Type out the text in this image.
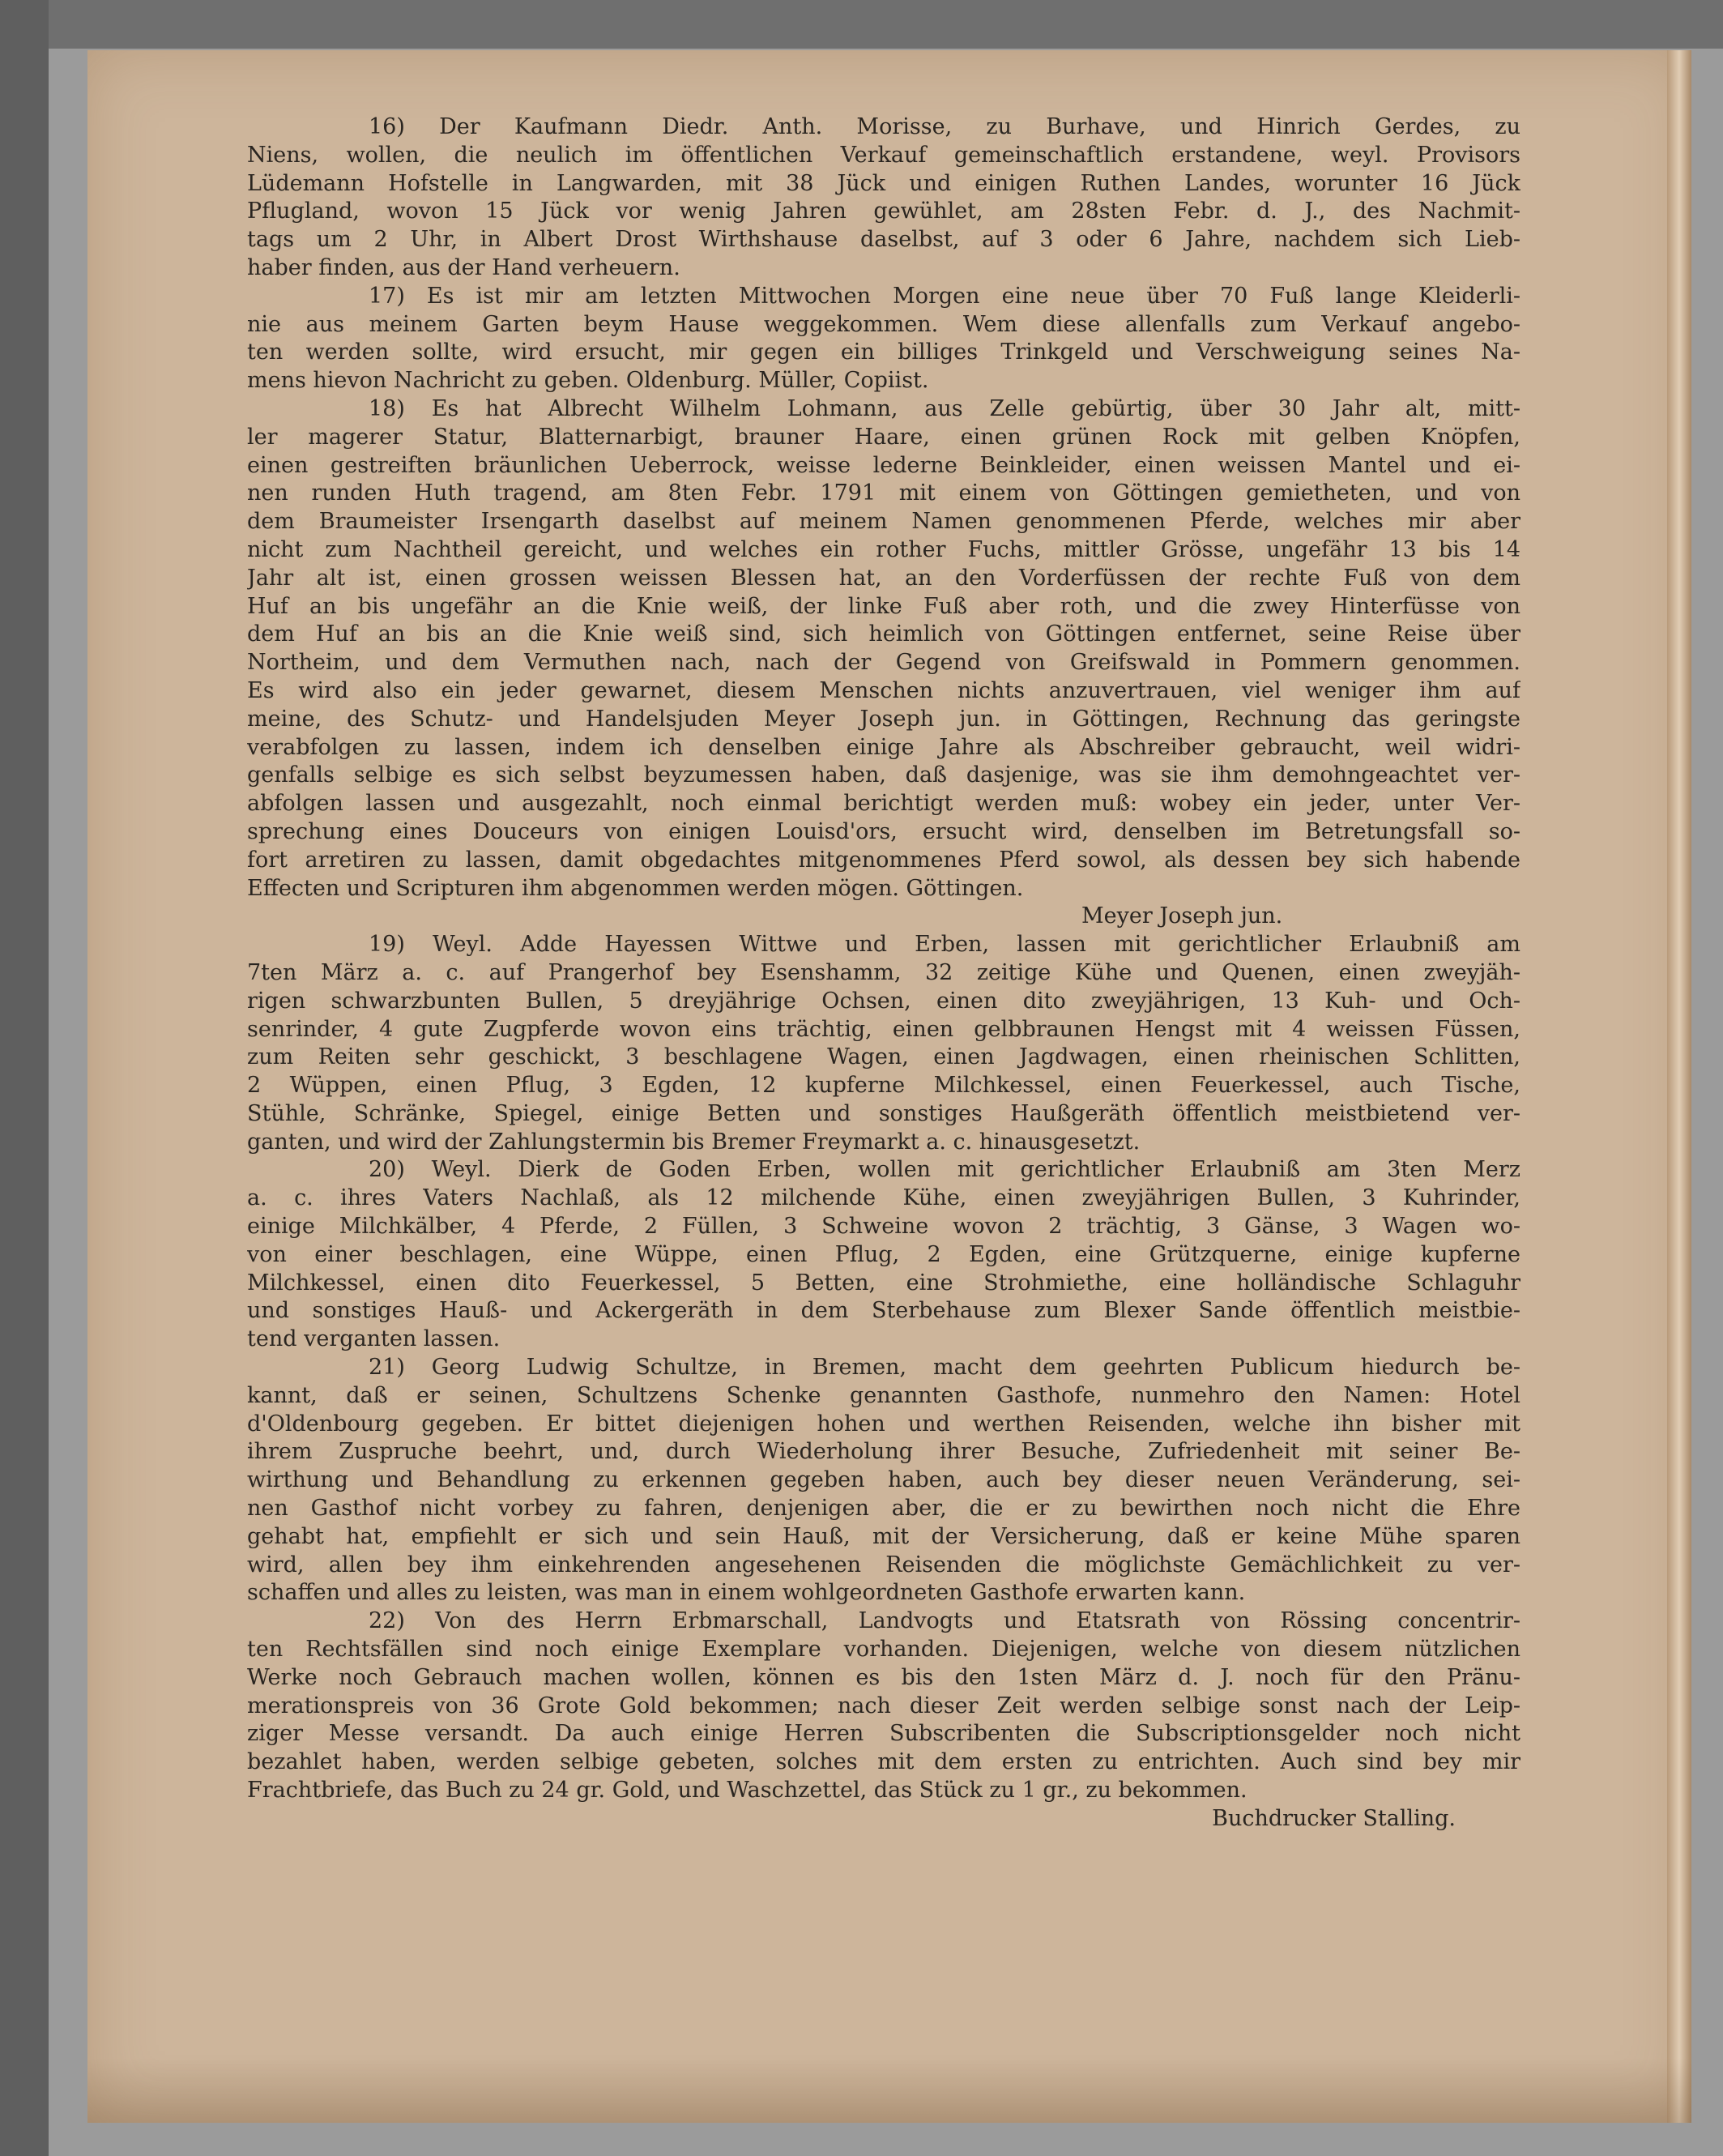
16) Der Kaufmann Diedr. Anth. Morisse, zu Burhave, und Hinrich Gerdes, zu
Niens, wollen, die neulich im öffentlichen Verkauf gemeinschaftlich erstandene, weyl. Provisors
Lüdemann Hofstelle in Langwarden, mit 38 Jück und einigen Ruthen Landes, worunter 16 Jück
Pflugland, wovon 15 Jück vor wenig Jahren gewühlet, am 28sten Febr. d. J., des Nachmit-
tags um 2 Uhr, in Albert Drost Wirthshause daselbst, auf 3 oder 6 Jahre, nachdem sich Lieb-
haber finden, aus der Hand verheuern.
17) Es ist mir am letzten Mittwochen Morgen eine neue über 70 Fuß lange Kleiderli-
nie aus meinem Garten beym Hause weggekommen. Wem diese allenfalls zum Verkauf angebo-
ten werden sollte, wird ersucht, mir gegen ein billiges Trinkgeld und Verschweigung seines Na-
mens hievon Nachricht zu geben. Oldenburg. Müller, Copiist.
18) Es hat Albrecht Wilhelm Lohmann, aus Zelle gebürtig, über 30 Jahr alt, mitt-
ler magerer Statur, Blatternarbigt, brauner Haare, einen grünen Rock mit gelben Knöpfen,
einen gestreiften bräunlichen Ueberrock, weisse lederne Beinkleider, einen weissen Mantel und ei-
nen runden Huth tragend, am 8ten Febr. 1791 mit einem von Göttingen gemietheten, und von
dem Braumeister Irsengarth daselbst auf meinem Namen genommenen Pferde, welches mir aber
nicht zum Nachtheil gereicht, und welches ein rother Fuchs, mittler Grösse, ungefähr 13 bis 14
Jahr alt ist, einen grossen weissen Blessen hat, an den Vorderfüssen der rechte Fuß von dem
Huf an bis ungefähr an die Knie weiß, der linke Fuß aber roth, und die zwey Hinterfüsse von
dem Huf an bis an die Knie weiß sind, sich heimlich von Göttingen entfernet, seine Reise über
Northeim, und dem Vermuthen nach, nach der Gegend von Greifswald in Pommern genommen.
Es wird also ein jeder gewarnet, diesem Menschen nichts anzuvertrauen, viel weniger ihm auf
meine, des Schutz- und Handelsjuden Meyer Joseph jun. in Göttingen, Rechnung das geringste
verabfolgen zu lassen, indem ich denselben einige Jahre als Abschreiber gebraucht, weil widri-
genfalls selbige es sich selbst beyzumessen haben, daß dasjenige, was sie ihm demohngeachtet ver-
abfolgen lassen und ausgezahlt, noch einmal berichtigt werden muß: wobey ein jeder, unter Ver-
sprechung eines Douceurs von einigen Louisd'ors, ersucht wird, denselben im Betretungsfall so-
fort arretiren zu lassen, damit obgedachtes mitgenommenes Pferd sowol, als dessen bey sich habende
Effecten und Scripturen ihm abgenommen werden mögen. Göttingen.
Meyer Joseph jun.
19) Weyl. Adde Hayessen Wittwe und Erben, lassen mit gerichtlicher Erlaubniß am
7ten März a. c. auf Prangerhof bey Esenshamm, 32 zeitige Kühe und Quenen, einen zweyjäh-
rigen schwarzbunten Bullen, 5 dreyjährige Ochsen, einen dito zweyjährigen, 13 Kuh- und Och-
senrinder, 4 gute Zugpferde wovon eins trächtig, einen gelbbraunen Hengst mit 4 weissen Füssen,
zum Reiten sehr geschickt, 3 beschlagene Wagen, einen Jagdwagen, einen rheinischen Schlitten,
2 Wüppen, einen Pflug, 3 Egden, 12 kupferne Milchkessel, einen Feuerkessel, auch Tische,
Stühle, Schränke, Spiegel, einige Betten und sonstiges Haußgeräth öffentlich meistbietend ver-
ganten, und wird der Zahlungstermin bis Bremer Freymarkt a. c. hinausgesetzt.
20) Weyl. Dierk de Goden Erben, wollen mit gerichtlicher Erlaubniß am 3ten Merz
a. c. ihres Vaters Nachlaß, als 12 milchende Kühe, einen zweyjährigen Bullen, 3 Kuhrinder,
einige Milchkälber, 4 Pferde, 2 Füllen, 3 Schweine wovon 2 trächtig, 3 Gänse, 3 Wagen wo-
von einer beschlagen, eine Wüppe, einen Pflug, 2 Egden, eine Grützquerne, einige kupferne
Milchkessel, einen dito Feuerkessel, 5 Betten, eine Strohmiethe, eine holländische Schlaguhr
und sonstiges Hauß- und Ackergeräth in dem Sterbehause zum Blexer Sande öffentlich meistbie-
tend verganten lassen.
21) Georg Ludwig Schultze, in Bremen, macht dem geehrten Publicum hiedurch be-
kannt, daß er seinen, Schultzens Schenke genannten Gasthofe, nunmehro den Namen: Hotel
d'Oldenbourg gegeben. Er bittet diejenigen hohen und werthen Reisenden, welche ihn bisher mit
ihrem Zuspruche beehrt, und, durch Wiederholung ihrer Besuche, Zufriedenheit mit seiner Be-
wirthung und Behandlung zu erkennen gegeben haben, auch bey dieser neuen Veränderung, sei-
nen Gasthof nicht vorbey zu fahren, denjenigen aber, die er zu bewirthen noch nicht die Ehre
gehabt hat, empfiehlt er sich und sein Hauß, mit der Versicherung, daß er keine Mühe sparen
wird, allen bey ihm einkehrenden angesehenen Reisenden die möglichste Gemächlichkeit zu ver-
schaffen und alles zu leisten, was man in einem wohlgeordneten Gasthofe erwarten kann.
22) Von des Herrn Erbmarschall, Landvogts und Etatsrath von Rössing concentrir-
ten Rechtsfällen sind noch einige Exemplare vorhanden. Diejenigen, welche von diesem nützlichen
Werke noch Gebrauch machen wollen, können es bis den 1sten März d. J. noch für den Pränu-
merationspreis von 36 Grote Gold bekommen; nach dieser Zeit werden selbige sonst nach der Leip-
ziger Messe versandt. Da auch einige Herren Subscribenten die Subscriptionsgelder noch nicht
bezahlet haben, werden selbige gebeten, solches mit dem ersten zu entrichten. Auch sind bey mir
Frachtbriefe, das Buch zu 24 gr. Gold, und Waschzettel, das Stück zu 1 gr., zu bekommen.
Buchdrucker Stalling.
